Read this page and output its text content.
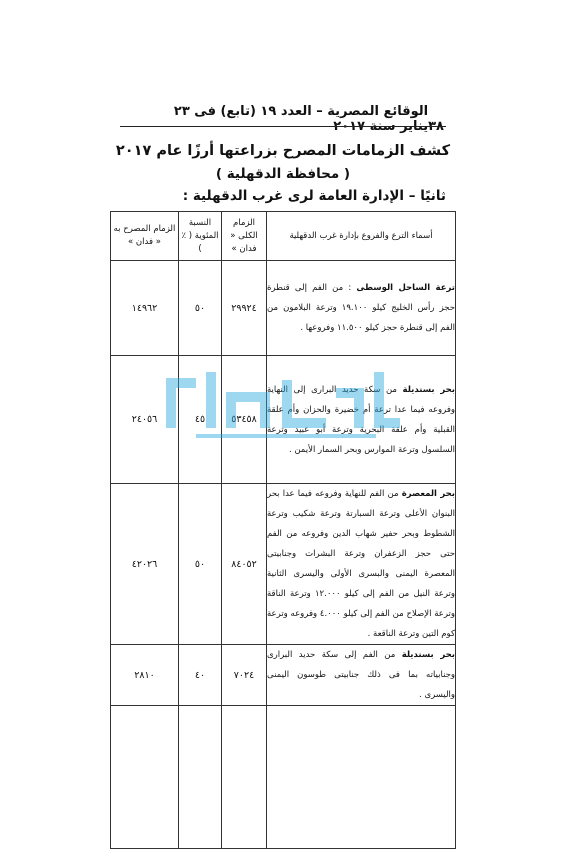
٣٨
الوقائع المصرية – العدد ١٩ (تابع) فى ٢٣ يناير سنة ٢٠١٧
كشف الزمامات المصرح بزراعتها أرزًا عام ٢٠١٧
( محافظة الدقهلية )
ثانيًا – الإدارة العامة لرى غرب الدقهلية :
أسماء الترع والفروع بإدارة غرب الدقهلية	الزمام الكلى « فدان »	النسبة المئوية ( ٪ )	الزمام المصرح به « فدان »
ترعة الساحل الوسطى : من الفم إلى قنطرة حجز رأس الخليج كيلو ١٩.١٠٠ وترعة البلامون من الفم إلى قنطرة حجز كيلو ١١.٥٠٠ وفروعها .	٢٩٩٢٤	٥٠	١٤٩٦٢
بحر بسنديلة من سكة حديد البرارى إلى النهاية وفروعه فيما عدا ترعة أم خضيرة والحزان وأم علقة القبلية وأم علقة البحرية وترعة أبو عبيد وترعة السلسول وترعة الموارس وبحر السمار الأيمن .	٥٣٤٥٨	٤٥	٢٤٠٥٦
بحر المعصرة من الفم للنهاية وفروعه فيما عدا بحر البنوان الأعلى وترعة السبارتة وترعة شكيب وترعة الشطوط وبحر حفير شهاب الدين وفروعه من الفم حتى حجز الزعفران وترعة البشرات وجنابيتى المعصرة اليمنى والبسرى الأولى واليسرى الثانية وترعة النيل من الفم إلى كيلو ١٢.٠٠٠ وترعة الناقة وترعة الإصلاح من الفم إلى كيلو ٤.٠٠٠ وفروعه وترعة كوم التين وترعة الناقعة .	٨٤٠٥٢	٥٠	٤٢٠٢٦
بحر بسنديلة من الفم إلى سكة حديد البرارى وجنابياته بما فى ذلك جنابيتى طوسون اليمنى واليسرى .	٧٠٢٤	٤٠	٢٨١٠
